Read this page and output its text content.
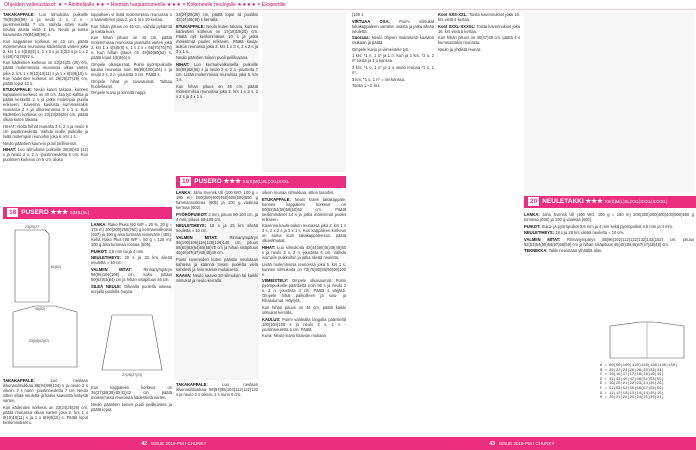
Ohjeiden vaikeustasot: ★ = Aloittelijalle ★★ = Hieman harjaantuneelle ★★★ = Kokeneelle neulojalle ★★★★ = Ekspertille

TAKAKAPPALE: Luo silmukoita puikoille 78(86)90(98) s ja neulo 2 s, 2 n -joustinneuletta 7 cm. Vaihda sitten isoille neuloa alusta vielä 1 krs. Neulo ja katso kaavaosta 76(84)88(96) s.

Kun kappaleen korkeus on 42 cm, päätä molemmissa reunoissa kädentietä varten joka 2. krs 1 x 4(5)5(6) s, 1 x 3 s ja 1(3)3 s ja 1 x 2 s (68)74(78)82 s.

Kun kädentien korkeus on 23(24)25 (26) cm, päätä molemmissa reunoissa olkaa varten joka 2. krs 1 x 9(10)10(11) s ja 1 x 8(9)9(10) s. Kun kädentien korkeus on 26(26)27(28) cm, päätä loput 42 s.

ETUKAPPALE: Neulo kuten takana, kunnes kappaleen korkeus on 40 cm. Jaa työ kahtia ja päätä keskeltä 2 s ja jatka molempia puolia erikseen. Kavenna kaulusta kummassakin reunassa 2 s ja ulkoreunassa 5 x 1 s. Kun kädentien korkeus on 23(24)25(26) cm, päätä olkaa kuten takana.

HIHAT: Aloita hiihat reunalta 3 s, 2 n ja neulo 6 cm joustinneuletta. Vaihda isoille puikoille ja lisää molempiin reunoihin joka 6. krs 1 s.

Neulo pääntien kaunein puoli pirillisessä.

HIHAT: Luo silmukoita puikoille 36(36)40 (42) s ja neulo 2 s, 2 n -joustinneuletta 6 cm. Kun puolimen korkeus on 5 cm, aloita

loppuksen vi lisää molemmissa reunoissa 1 s saavuttelen joka 2. ja 4. krs 10 kertaa.

Kun hihan pituus on 46 cm, vaihda pykämtä ja toista kuin.

Kun hihan pituus on 46 cm, päätä molemmissa reunoissa jaostuilla varten joka 2. krs 1 x 4(5)5(6) s, 1 x 2 s = 66(70)76(78) s. Kun hihan pituus on 49(50)50(52) s, päätä loput 4(5)5(6) s.

Ompele olkasaumat. Poimi pyöröpuikoille kaulan reunasta noin 96(98)100(104) s ja neulo 2 s, 2 n -joustinta 3 cm. Päätä s.

Ompele hihat ja sivusaumat. Tahtaa huolellisesti.

Ompele kuvio ja kiinnitä nappi.

18 PUSERO ★★★ S(M)L(XL)
60(62)
23(25)27
53(58)62(67)
48(52)

LANKA: Rako Pluss (90 WP = 20 %, 30 g = 175 m) 200(200)250(250) g kermanvalkoista (607) ja 100 g alsa tummaa viininvärin (455). Kehä Rako Plus (90 WP = 50 g = 125 m): 100 g alsa tummaa roosaa (509).

PUIKOT: 3,5 mm tai ja 4 mm.

NEULETIHEYS: 20 s ja 32 krs sileää neuletta = 10 cm.

VALMIIN MITAT:	Rinnanympärys 96(96)104(106) cm, koko pituus 60(62)63(64) cm ja hihan sisäpituus 46 cm.

SILEÄ NEULE: Oikealla puolella oikeaa, nurjalla puolella nurjaa.

27(28)27(29)

TAKAKAPPALE:	Luo neulaan ikkunasilmukkaa 86(94)98(104) s ja neulo 2 s oikein, 2 s nurin -joustinneuletta 7 cm. Neulo sitten siliää neuletta ja katso kaavasta lisäystä varten.

Kun kädentien korkeus on 23(24)25(26) cm, päätä reunassa olkaa varten joka 2. krs 1 x 9(10)10(11) s ja 1 x 8(9)9(10) s. Päätä loput keskimmäiset s.

Kun kappaleen korkeus on 36(37)38(39)40(41)42 cm, päätä molemmissa reunoissa kädentietä varten.

Neulo pääntien toinen puoli peilikuvana ja päätä loput.

23(24)25(26) cm, päätä loput sil puoliksi 42(44)46(48) s kerralla.

ETUKAPPALE: Neulo kuten takana, kunnes kädentien korkeus on 17(18)19(20) cm. Päätä nyt keskimmäiset 10 s ja jatka molemmat puolet erikseen. Päätä kaula-aukon reunassa joka 2. krs 1 x 3 s, 2 x 2 s ja 3 x 1 s.

Neulo pääntien toinen puoli peilikuvana.

HIHAT: Luo kermanvalkoisella puikoille 56(58)62(66) s ja neulo 2 s, 2 n -joustinta 7 cm. Lisää molemmissa reunoissa joka 6. krs 1 s.

Kun hihan pituus on 46 cm, päätä molemmissa reunoissa joka 2. krs 1 x 3 s, 2 x 2 s ja 4 x 1 s.

19 PUSERO ★★★ XS(S)M(L)XL(XXL)XXXL

LANKA: Jahu Svensk Ull (100 WO, 100 g = 180 m) 300(350)400(450)500(500)550 g tummanruskeaa (605) ja 100 g vaaleaa kermaa (602).

PYÖRÖPUIKOT: 3 mm, pituus 60-100 cm, ja 4 mm, pituus 60-100 cm.

NEULETIHEYS: 18 s ja 25 krs sileää neuletta = 10 cm.

VALMIIN MITAT:	Rinnanympärys 96(100)106(116)128(138)148 cm, pituus 58(60)62(64)66(68)70 cm ja hihan sisäpituus 46(46)47(47)48(48)49 cm.

Poimi suvereiden kuten pääntie neulotaan kahtena ja käännä toisen puolelta vielä kahdesti ja rivin kuvion mukaisesti.

KAAVA: Neulo kaavio 30 silmukan tai kaikki silmukat ja neulo kerralla.

TAKAKAPPALE:	Luo neulaan ikkunasilmukkaa 86(94)98(104)112(122)132 s ja neulo 2 s oikein, 2 s nurin 6 cm.

oikein reunaa silmukkaa, sitten tasoihin.

ETUKAPPALE: Neulo kuten takakappale, kunnes kappaleen korkeus on 50(52)54(56)58(60)62 cm. Päätä keskimmäiset 14 s ja jatka molemmat puolet erikseen.

Kavenna kaula-aukon reunassa joka 2. krs 1 x 3 s, 2 x 2 s ja 3 x 1 s. Kun kappaleen korkeus on sama kuin takakappaleessa, päätä olkasilmukat.

HIHAT: Luo silmukoita 42(44)46(46)48(48)50 s ja neulo 2 s, 2 n -joustinta 6 cm. Vaihda isompiin puikkoihin ja jatka sileää neuletta.

Lisää molemmissa reunoissa joka 6. krs 1 s, kunnes silmukoita on 72(76)80(86)90(96)100 s.

VIIMEISTELY: Ompele olkasaumat. Poimi pyöröpuikoille pääntieltä noin 96 s ja neulo 2 s, 2 n -joustinta 3 cm. Päätä s väljästi. Ompele hihat paikoilleen ja sivu- ja hihasaumat. Höyrytä.

Kun hihan pituus on 46 cm, päätä kaikki silmukat kerralla.

KAULUS: Poimi vaalealla langalla pääntieltä 100(104)108 s ja neulo 2 s, 2 n -joustinneuletta 6 cm. Päätä.

Kuva: Neulo kuvio kaavion mukaan.

(100 s

VIRTUAA OSA: Poimi silmukat takakappaleen vartalon osasta ja jatka sileää neuletta.

Suorana: Neulo ohjeen mukaisesti kaavion mukaan ja päätä.

Ompele kuvio ja viimeistele työ.

1 krs: *1 n, 1 o* ja 1 n. Kun ja 1 krs. *2 o, 2 n* toista ja 1 o kanssa.

2 krs: *1 o, 1 n* ja 1 o neulo reunaa *1 o, 1 n*.

3 krs: *1 o, 1 n* = rivi kanssa.

Toista 1.–3. krs.

Koot XXS-XXL: Toista kavennukset joka 10. krs vielä 4 kertaa.

Koot XXXL-XXXXL: Toista kavennukset joka 16. krs vielä 5 kertaa.

Kun hihan pituus on 46(47)48 cm, päätä 4 s kummastakin reunasta.

Neulo ja yhdistä reunat.

20 NEULETAKKI ★★★ XS(S)M(L)XL(XXL)XXXL(XXXXL)

LANKA: Jahu Svensk Ull (100 WO, 100 g = 180 m) 200(300)300(400)400(500)500 g tummaa (606) ja 100 g vaaleaa (601).

PUIKOT: Suka- ja pyöröpuikot 3,5 mm ja 4 mm sekä pyöröpuikot 3,5 mm ja 4 mm.

NEULETIHEYS: 18 s ja 28 krs sileää neuletta = 10 cm.

VALMIIN MITAT: Rinnanympärys 88(96)102(112)122(132)142(152) cm, pituus 52(53)54(55)56(57)58(59) cm ja hihan sisäpituus 45(45)46(46)47(47)48(48) cm.

TEKNIIKKA: Takki neulotaan ylhäältä alas.

A = 80(90)100(110)120(130)140(150)
B = 20(22)24(26)28(30)32(34)
C = 16(16)17(17)18(18)19(19)
D = 41(43)45(47)49(51)53(55)
E = 19(20)21(22)23(24)25(26)
F = 52(53)54(55)56(57)58(59)
G = 12(12)13(13)14(14)15(15)
H = 20(21)22(23)24(25)26(27)
42 ISSUE 2019-PM Ι CHUNKY	43 ISSUE 2019-PM Ι CHUNKY
